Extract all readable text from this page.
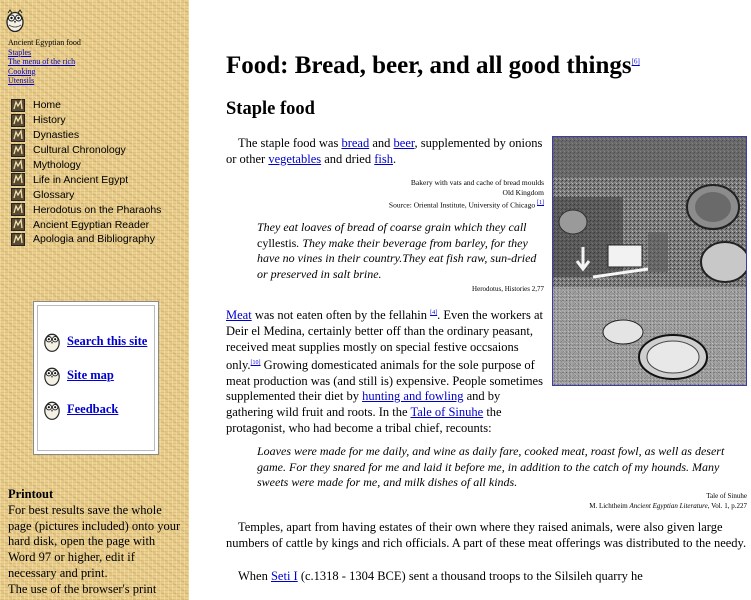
Ancient Egyptian food
Staples
The menu of the rich
Cooking
Utensils
Home
History
Dynasties
Cultural Chronology
Mythology
Life in Ancient Egypt
Glossary
Herodotus on the Pharaohs
Ancient Egyptian Reader
Apologia and Bibliography
Search this site
Site map
Feedback
Printout
For best results save the whole page (pictures included) onto your hard disk, open the page with Word 97 or higher, edit if necessary and print.
The use of the browser's print
Food: Bread, beer, and all good things[6]
Staple food

The staple food was bread and beer, supplemented by onions or other vegetables and dried fish.

Bakery with vats and cache of bread moulds
Old Kingdom
Source: Oriental Institute, University of Chicago [1]
They eat loaves of bread of coarse grain which they call cyllestis. They make their beverage from barley, for they have no vines in their country.They eat fish raw, sun-dried or preserved in salt brine.
Herodotus, Histories 2,77

Meat was not eaten often by the fellahin [4]. Even the workers at Deir el Medina, certainly better off than the ordinary peasant, received meat supplies mostly on special festive occsaions only.[10] Growing domesticated animals for the sole purpose of meat production was (and still is) expensive. People sometimes supplemented their diet by hunting and fowling and by gathering wild fruit and roots. In the Tale of Sinuhe the protagonist, who had become a tribal chief, recounts:

Loaves were made for me daily, and wine as daily fare, cooked meat, roast fowl, as well as desert game. For they snared for me and laid it before me, in addition to the catch of my hounds. Many sweets were made for me, and milk dishes of all kinds.
Tale of Sinuhe
M. Lichtheim Ancient Egyptian Literature, Vol. 1, p.227

Temples, apart from having estates of their own where they raised animals, were also given large numbers of cattle by kings and rich officials. A part of these meat offerings was distributed to the needy.

When Seti I (c.1318 - 1304 BCE) sent a thousand troops to the Silsileh quarry he
